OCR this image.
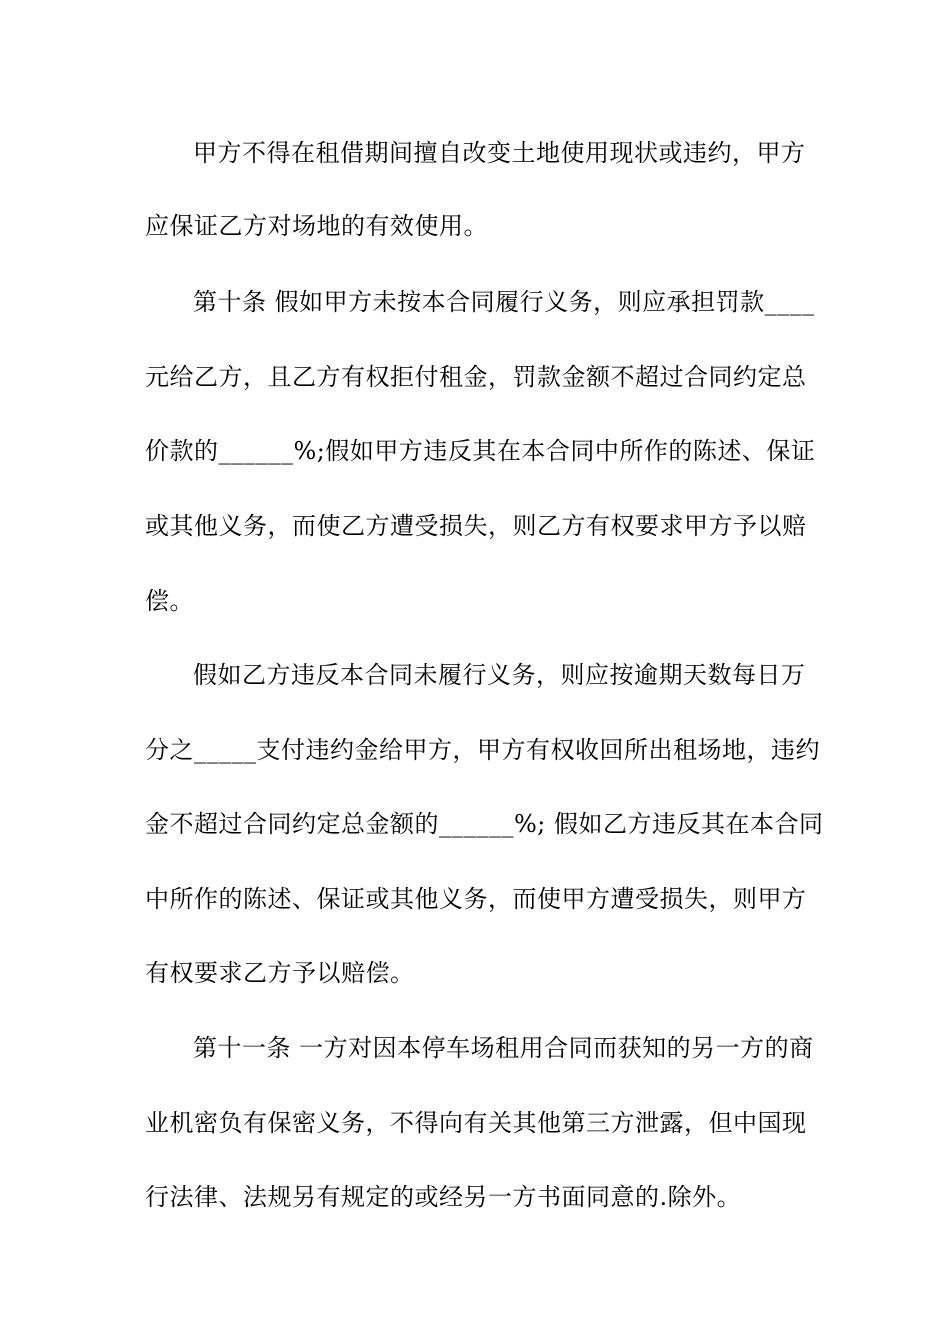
甲方不得在租借期间擅自改变土地使用现状或违约，甲方
应保证乙方对场地的有效使用。
第十条 假如甲方未按本合同履行义务，则应承担罚款____
元给乙方，且乙方有权拒付租金，罚款金额不超过合同约定总
价款的______%;假如甲方违反其在本合同中所作的陈述、保证
或其他义务，而使乙方遭受损失，则乙方有权要求甲方予以赔
偿。
假如乙方违反本合同未履行义务，则应按逾期天数每日万
分之_____支付违约金给甲方，甲方有权收回所出租场地，违约
金不超过合同约定总金额的______%; 假如乙方违反其在本合同
中所作的陈述、保证或其他义务，而使甲方遭受损失，则甲方
有权要求乙方予以赔偿。
第十一条 一方对因本停车场租用合同而获知的另一方的商
业机密负有保密义务，不得向有关其他第三方泄露，但中国现
行法律、法规另有规定的或经另一方书面同意的.除外。
